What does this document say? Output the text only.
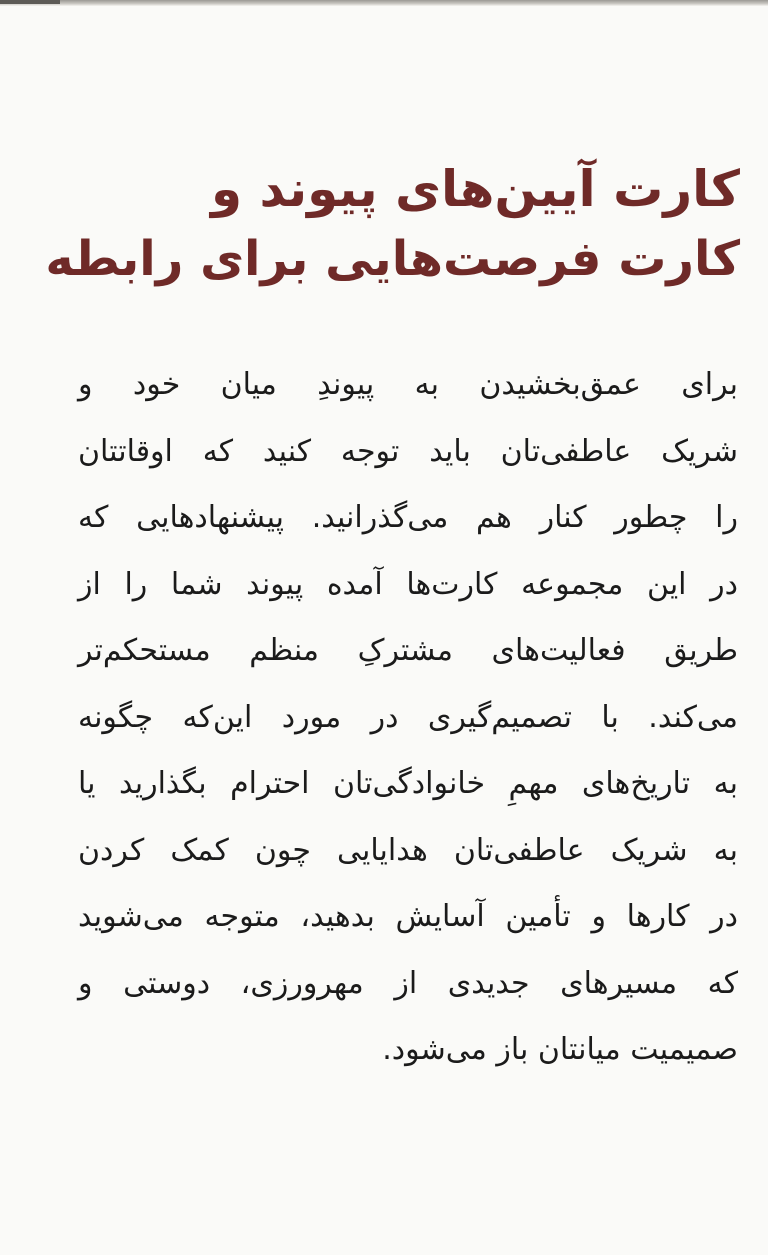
کارت آیین‌های پیوند و
کارت فرصت‌هایی برای رابطه
برای عمق‌بخشیدن به پیوندِ میان خود و
شریک عاطفی‌تان باید توجه کنید که اوقاتتان
را چطور کنار هم می‌گذرانید. پیشنهادهایی که
در این مجموعه کارت‌ها آمده پیوند شما را از
طریق فعالیت‌های مشترکِ منظم مستحکم‌تر
می‌کند. با تصمیم‌گیری در مورد این‌که چگونه
به تاریخ‌های مهمِ خانوادگی‌تان احترام بگذارید یا
به شریک عاطفی‌تان هدایایی چون کمک کردن
در کارها و تأمین آسایش بدهید، متوجه می‌شوید
که مسیرهای جدیدی از مهرورزی، دوستی و
صمیمیت میانتان باز می‌شود.
